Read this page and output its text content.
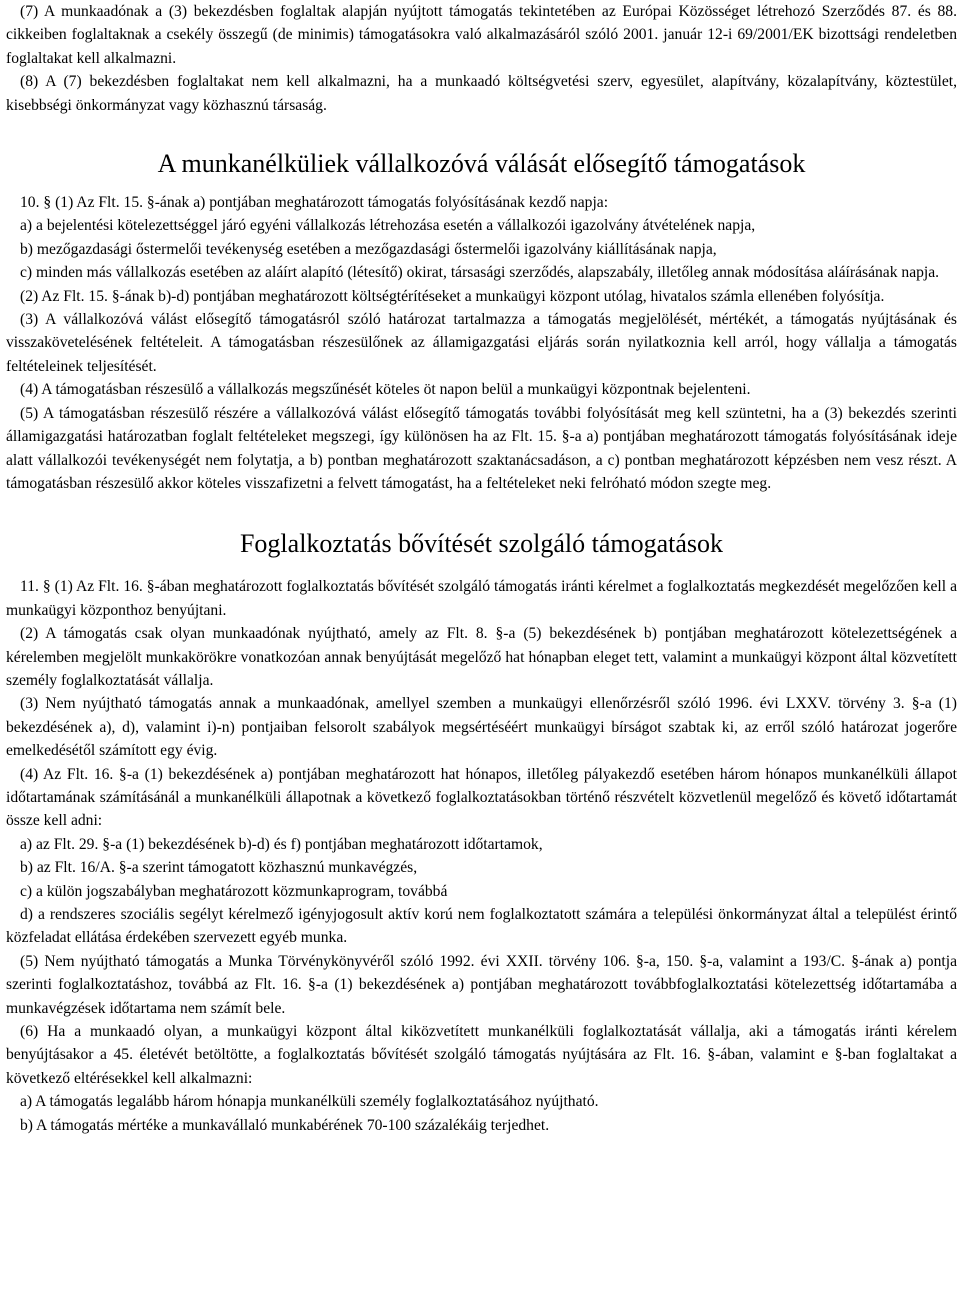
(7) A munkaadónak a (3) bekezdésben foglaltak alapján nyújtott támogatás tekintetében az Európai Közösséget létrehozó Szerződés 87. és 88. cikkeiben foglaltaknak a csekély összegű (de minimis) támogatásokra való alkalmazásáról szóló 2001. január 12-i 69/2001/EK bizottsági rendeletben foglaltakat kell alkalmazni.

(8) A (7) bekezdésben foglaltakat nem kell alkalmazni, ha a munkaadó költségvetési szerv, egyesület, alapítvány, közalapítvány, köztestület, kisebbségi önkormányzat vagy közhasznú társaság.

A munkanélküliek vállalkozóvá válását elősegítő támogatások

10. § (1) Az Flt. 15. §-ának a) pontjában meghatározott támogatás folyósításának kezdő napja:

a) a bejelentési kötelezettséggel járó egyéni vállalkozás létrehozása esetén a vállalkozói igazolvány átvételének napja,

b) mezőgazdasági őstermelői tevékenység esetében a mezőgazdasági őstermelői igazolvány kiállításának napja,

c) minden más vállalkozás esetében az aláírt alapító (létesítő) okirat, társasági szerződés, alapszabály, illetőleg annak módosítása aláírásának napja.

(2) Az Flt. 15. §-ának b)-d) pontjában meghatározott költségtérítéseket a munkaügyi központ utólag, hivatalos számla ellenében folyósítja.

(3) A vállalkozóvá válást elősegítő támogatásról szóló határozat tartalmazza a támogatás megjelölését, mértékét, a támogatás nyújtásának és visszakövetelésének feltételeit. A támogatásban részesülőnek az államigazgatási eljárás során nyilatkoznia kell arról, hogy vállalja a támogatás feltételeinek teljesítését.

(4) A támogatásban részesülő a vállalkozás megszűnését köteles öt napon belül a munkaügyi központnak bejelenteni.

(5) A támogatásban részesülő részére a vállalkozóvá válást elősegítő támogatás további folyósítását meg kell szüntetni, ha a (3) bekezdés szerinti államigazgatási határozatban foglalt feltételeket megszegi, így különösen ha az Flt. 15. §-a a) pontjában meghatározott támogatás folyósításának ideje alatt vállalkozói tevékenységét nem folytatja, a b) pontban meghatározott szaktanácsadáson, a c) pontban meghatározott képzésben nem vesz részt. A támogatásban részesülő akkor köteles visszafizetni a felvett támogatást, ha a feltételeket neki felróható módon szegte meg.

Foglalkoztatás bővítését szolgáló támogatások

11. § (1) Az Flt. 16. §-ában meghatározott foglalkoztatás bővítését szolgáló támogatás iránti kérelmet a foglalkoztatás megkezdését megelőzően kell a munkaügyi központhoz benyújtani.

(2) A támogatás csak olyan munkaadónak nyújtható, amely az Flt. 8. §-a (5) bekezdésének b) pontjában meghatározott kötelezettségének a kérelemben megjelölt munkakörökre vonatkozóan annak benyújtását megelőző hat hónapban eleget tett, valamint a munkaügyi központ által közvetített személy foglalkoztatását vállalja.

(3) Nem nyújtható támogatás annak a munkaadónak, amellyel szemben a munkaügyi ellenőrzésről szóló 1996. évi LXXV. törvény 3. §-a (1) bekezdésének a), d), valamint i)-n) pontjaiban felsorolt szabályok megsértéséért munkaügyi bírságot szabtak ki, az erről szóló határozat jogerőre emelkedésétől számított egy évig.

(4) Az Flt. 16. §-a (1) bekezdésének a) pontjában meghatározott hat hónapos, illetőleg pályakezdő esetében három hónapos munkanélküli állapot időtartamának számításánál a munkanélküli állapotnak a következő foglalkoztatásokban történő részvételt közvetlenül megelőző és követő időtartamát össze kell adni:

a) az Flt. 29. §-a (1) bekezdésének b)-d) és f) pontjában meghatározott időtartamok,

b) az Flt. 16/A. §-a szerint támogatott közhasznú munkavégzés,

c) a külön jogszabályban meghatározott közmunkaprogram, továbbá

d) a rendszeres szociális segélyt kérelmező igényjogosult aktív korú nem foglalkoztatott számára a települési önkormányzat által a települést érintő közfeladat ellátása érdekében szervezett egyéb munka.

(5) Nem nyújtható támogatás a Munka Törvénykönyvéről szóló 1992. évi XXII. törvény 106. §-a, 150. §-a, valamint a 193/C. §-ának a) pontja szerinti foglalkoztatáshoz, továbbá az Flt. 16. §-a (1) bekezdésének a) pontjában meghatározott továbbfoglalkoztatási kötelezettség időtartamába a munkavégzések időtartama nem számít bele.

(6) Ha a munkaadó olyan, a munkaügyi központ által kiközvetített munkanélküli foglalkoztatását vállalja, aki a támogatás iránti kérelem benyújtásakor a 45. életévét betöltötte, a foglalkoztatás bővítését szolgáló támogatás nyújtására az Flt. 16. §-ában, valamint e §-ban foglaltakat a következő eltérésekkel kell alkalmazni:

a) A támogatás legalább három hónapja munkanélküli személy foglalkoztatásához nyújtható.

b) A támogatás mértéke a munkavállaló munkabérének 70-100 százalékáig terjedhet.
